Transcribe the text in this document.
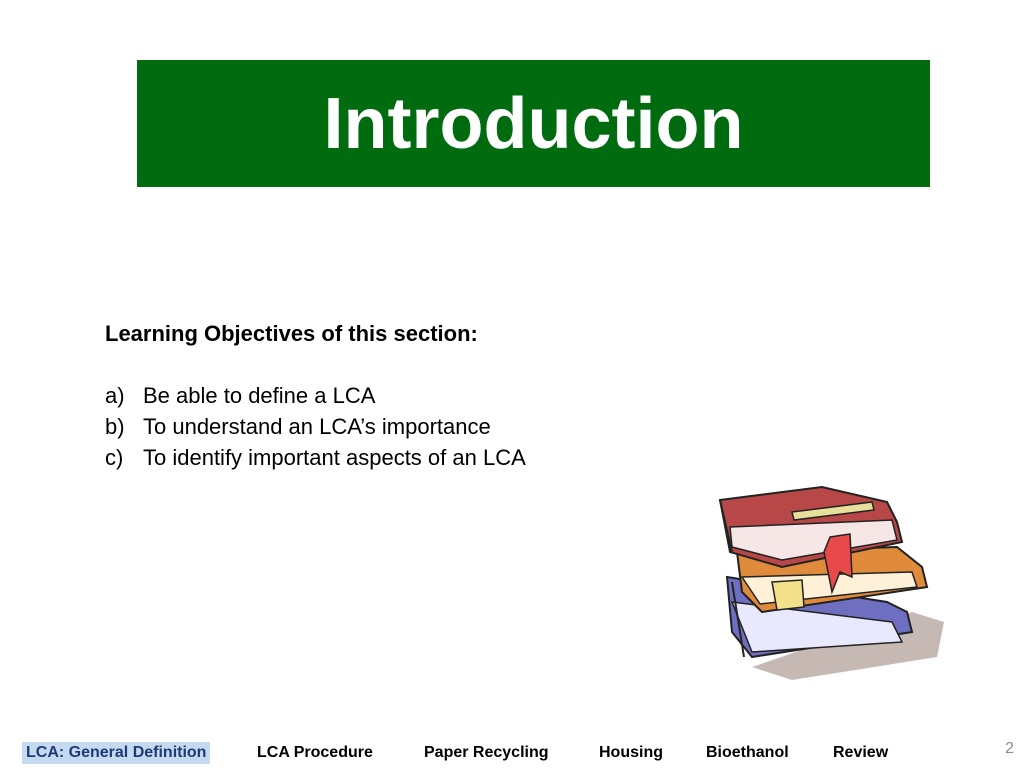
Introduction
Learning Objectives of this section:
a) Be able to define a LCA
b) To understand an LCA’s importance
c) To identify important aspects of an LCA
LCA: General Definition	LCA Procedure	Paper Recycling	Housing	Bioethanol	Review	2
